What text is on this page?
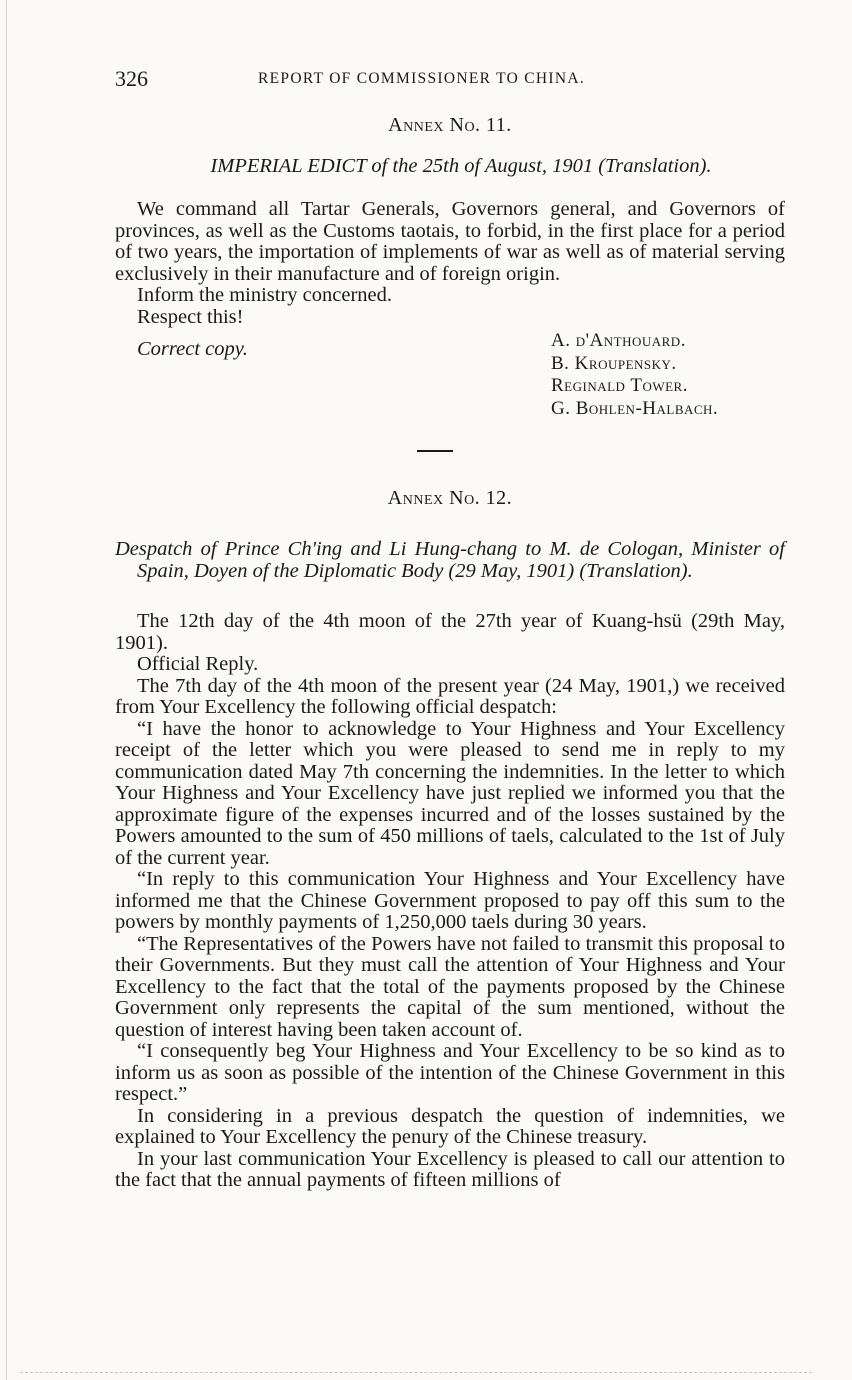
326	REPORT OF COMMISSIONER TO CHINA.
Annex No. 11.
IMPERIAL EDICT of the 25th of August, 1901 (Translation).

We command all Tartar Generals, Governors general, and Governors of provinces, as well as the Customs taotais, to forbid, in the first place for a period of two years, the importation of implements of war as well as of material serving exclusively in their manufacture and of foreign origin.

Inform the ministry concerned.
Respect this!
Correct copy.	A. d'Anthouard.
B. Kroupensky.
Reginald Tower.
G. Bohlen-Halbach.
Annex No. 12.
Despatch of Prince Ch'ing and Li Hung-chang to M. de Cologan, Minister of Spain, Doyen of the Diplomatic Body (29 May, 1901) (Translation).

The 12th day of the 4th moon of the 27th year of Kuang-hsü (29th May, 1901).

Official Reply.

The 7th day of the 4th moon of the present year (24 May, 1901,) we received from Your Excellency the following official despatch:

“I have the honor to acknowledge to Your Highness and Your Excellency receipt of the letter which you were pleased to send me in reply to my communication dated May 7th concerning the indemnities. In the letter to which Your Highness and Your Excellency have just replied we informed you that the approximate figure of the expenses incurred and of the losses sustained by the Powers amounted to the sum of 450 millions of taels, calculated to the 1st of July of the current year.

“In reply to this communication Your Highness and Your Excellency have informed me that the Chinese Government proposed to pay off this sum to the powers by monthly payments of 1,250,000 taels during 30 years.

“The Representatives of the Powers have not failed to transmit this proposal to their Governments. But they must call the attention of Your Highness and Your Excellency to the fact that the total of the payments proposed by the Chinese Government only represents the capital of the sum mentioned, without the question of interest having been taken account of.

“I consequently beg Your Highness and Your Excellency to be so kind as to inform us as soon as possible of the intention of the Chinese Government in this respect.”

In considering in a previous despatch the question of indemnities, we explained to Your Excellency the penury of the Chinese treasury.

In your last communication Your Excellency is pleased to call our attention to the fact that the annual payments of fifteen millions of
